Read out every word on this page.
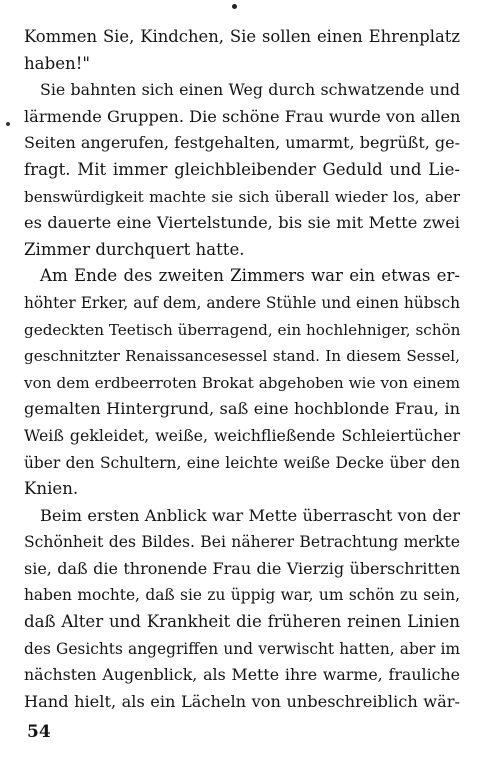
Kommen Sie, Kindchen, Sie sollen einen Ehrenplatz
haben!"
Sie bahnten sich einen Weg durch schwatzende und
lärmende Gruppen. Die schöne Frau wurde von allen
Seiten angerufen, festgehalten, umarmt, begrüßt, ge-
fragt. Mit immer gleichbleibender Geduld und Lie-
benswürdigkeit machte sie sich überall wieder los, aber
es dauerte eine Viertelstunde, bis sie mit Mette zwei
Zimmer durchquert hatte.
Am Ende des zweiten Zimmers war ein etwas er-
höhter Erker, auf dem, andere Stühle und einen hübsch
gedeckten Teetisch überragend, ein hochlehniger, schön
geschnitzter Renaissancesessel stand. In diesem Sessel,
von dem erdbeerroten Brokat abgehoben wie von einem
gemalten Hintergrund, saß eine hochblonde Frau, in
Weiß gekleidet, weiße, weichfließende Schleiertücher
über den Schultern, eine leichte weiße Decke über den
Knien.
Beim ersten Anblick war Mette überrascht von der
Schönheit des Bildes. Bei näherer Betrachtung merkte
sie, daß die thronende Frau die Vierzig überschritten
haben mochte, daß sie zu üppig war, um schön zu sein,
daß Alter und Krankheit die früheren reinen Linien
des Gesichts angegriffen und verwischt hatten, aber im
nächsten Augenblick, als Mette ihre warme, frauliche
Hand hielt, als ein Lächeln von unbeschreiblich wär-
54
